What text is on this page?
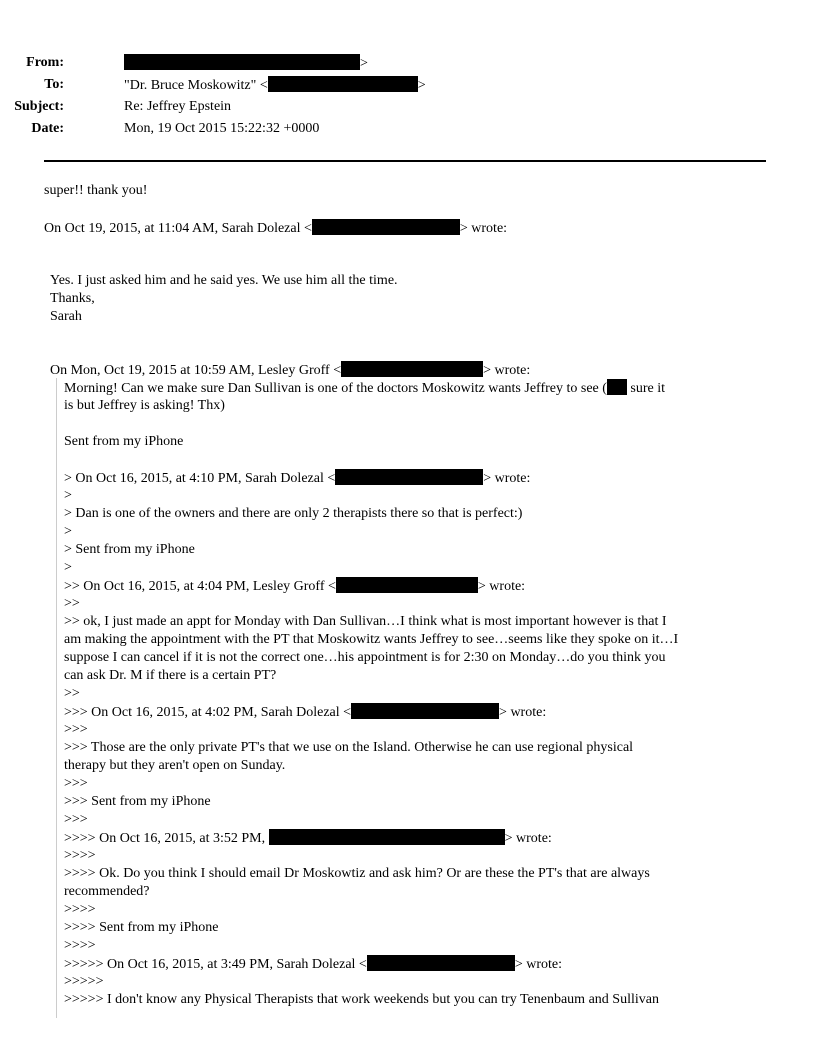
From:	>
To:	"Dr. Bruce Moskowitz" <	>
Subject:	Re: Jeffrey Epstein
Date:	Mon, 19 Oct 2015 15:22:32 +0000
super!! thank you!
On Oct 19, 2015, at 11:04 AM, Sarah Dolezal <	> wrote:
Yes. I just asked him and he said yes. We use him all the time.
Thanks,
Sarah
On Mon, Oct 19, 2015 at 10:59 AM, Lesley Groff <	> wrote:
Morning! Can we make sure Dan Sullivan is one of the doctors Moskowitz wants Jeffrey to see ( sure it
is but Jeffrey is asking! Thx)
Sent from my iPhone
> On Oct 16, 2015, at 4:10 PM, Sarah Dolezal <	> wrote:
>
> Dan is one of the owners and there are only 2 therapists there so that is perfect:)
>
> Sent from my iPhone
>
>> On Oct 16, 2015, at 4:04 PM, Lesley Groff <	> wrote:
>>
>> ok, I just made an appt for Monday with Dan Sullivan…I think what is most important however is that I
am making the appointment with the PT that Moskowitz wants Jeffrey to see…seems like they spoke on it…I
suppose I can cancel if it is not the correct one…his appointment is for 2:30 on Monday…do you think you
can ask Dr. M if there is a certain PT?
>>
>>> On Oct 16, 2015, at 4:02 PM, Sarah Dolezal <	> wrote:
>>>
>>> Those are the only private PT's that we use on the Island. Otherwise he can use regional physical
therapy but they aren't open on Sunday.
>>>
>>> Sent from my iPhone
>>>
>>>> On Oct 16, 2015, at 3:52 PM,	> wrote:
>>>>
>>>> Ok. Do you think I should email Dr Moskowtiz and ask him? Or are these the PT's that are always
recommended?
>>>>
>>>> Sent from my iPhone
>>>>
>>>>> On Oct 16, 2015, at 3:49 PM, Sarah Dolezal <	> wrote:
>>>>>
>>>>> I don't know any Physical Therapists that work weekends but you can try Tenenbaum and Sullivan
